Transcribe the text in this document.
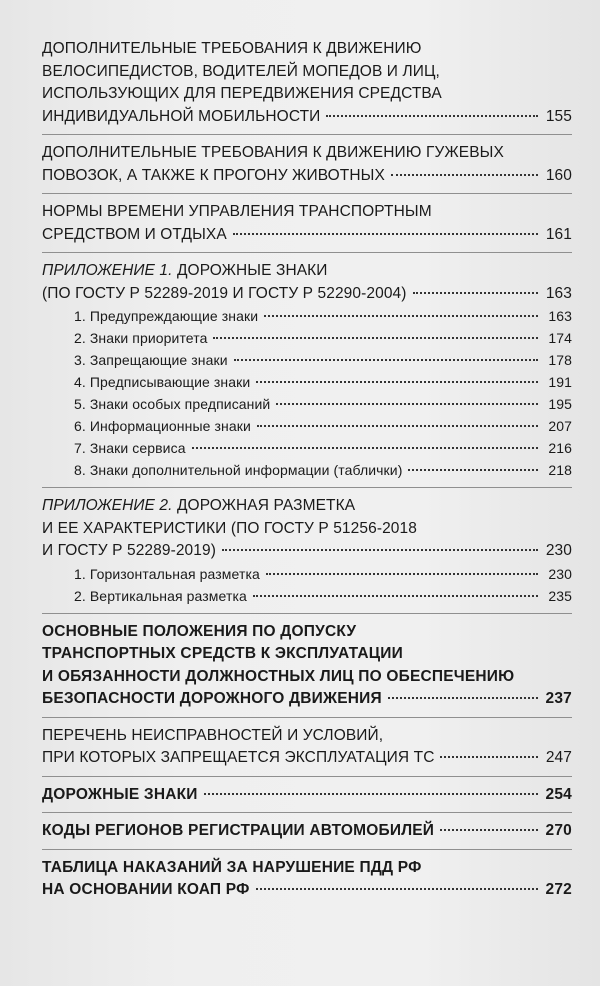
ДОПОЛНИТЕЛЬНЫЕ ТРЕБОВАНИЯ К ДВИЖЕНИЮ
ВЕЛОСИПЕДИСТОВ, ВОДИТЕЛЕЙ МОПЕДОВ И ЛИЦ,
ИСПОЛЬЗУЮЩИХ ДЛЯ ПЕРЕДВИЖЕНИЯ СРЕДСТВА
ИНДИВИДУАЛЬНОЙ МОБИЛЬНОСТИ	155
ДОПОЛНИТЕЛЬНЫЕ ТРЕБОВАНИЯ К ДВИЖЕНИЮ ГУЖЕВЫХ
ПОВОЗОК, А ТАКЖЕ К ПРОГОНУ ЖИВОТНЫХ	160
НОРМЫ ВРЕМЕНИ УПРАВЛЕНИЯ ТРАНСПОРТНЫМ
СРЕДСТВОМ И ОТДЫХА	161
ПРИЛОЖЕНИЕ 1. ДОРОЖНЫЕ ЗНАКИ
(ПО ГОСТУ Р 52289-2019 И ГОСТУ Р 52290-2004)	163
1. Предупреждающие знаки	163
2. Знаки приоритета	174
3. Запрещающие знаки	178
4. Предписывающие знаки	191
5. Знаки особых предписаний	195
6. Информационные знаки	207
7. Знаки сервиса	216
8. Знаки дополнительной информации (таблички)	218
ПРИЛОЖЕНИЕ 2. ДОРОЖНАЯ РАЗМЕТКА
И ЕЕ ХАРАКТЕРИСТИКИ (ПО ГОСТУ Р 51256-2018
И ГОСТУ Р 52289-2019)	230
1. Горизонтальная разметка	230
2. Вертикальная разметка	235
ОСНОВНЫЕ ПОЛОЖЕНИЯ ПО ДОПУСКУ
ТРАНСПОРТНЫХ СРЕДСТВ К ЭКСПЛУАТАЦИИ
И ОБЯЗАННОСТИ ДОЛЖНОСТНЫХ ЛИЦ ПО ОБЕСПЕЧЕНИЮ
БЕЗОПАСНОСТИ ДОРОЖНОГО ДВИЖЕНИЯ	237
ПЕРЕЧЕНЬ НЕИСПРАВНОСТЕЙ И УСЛОВИЙ,
ПРИ КОТОРЫХ ЗАПРЕЩАЕТСЯ ЭКСПЛУАТАЦИЯ ТС	247
ДОРОЖНЫЕ ЗНАКИ	254
КОДЫ РЕГИОНОВ РЕГИСТРАЦИИ АВТОМОБИЛЕЙ	270
ТАБЛИЦА НАКАЗАНИЙ ЗА НАРУШЕНИЕ ПДД РФ
НА ОСНОВАНИИ КОАП РФ	272
